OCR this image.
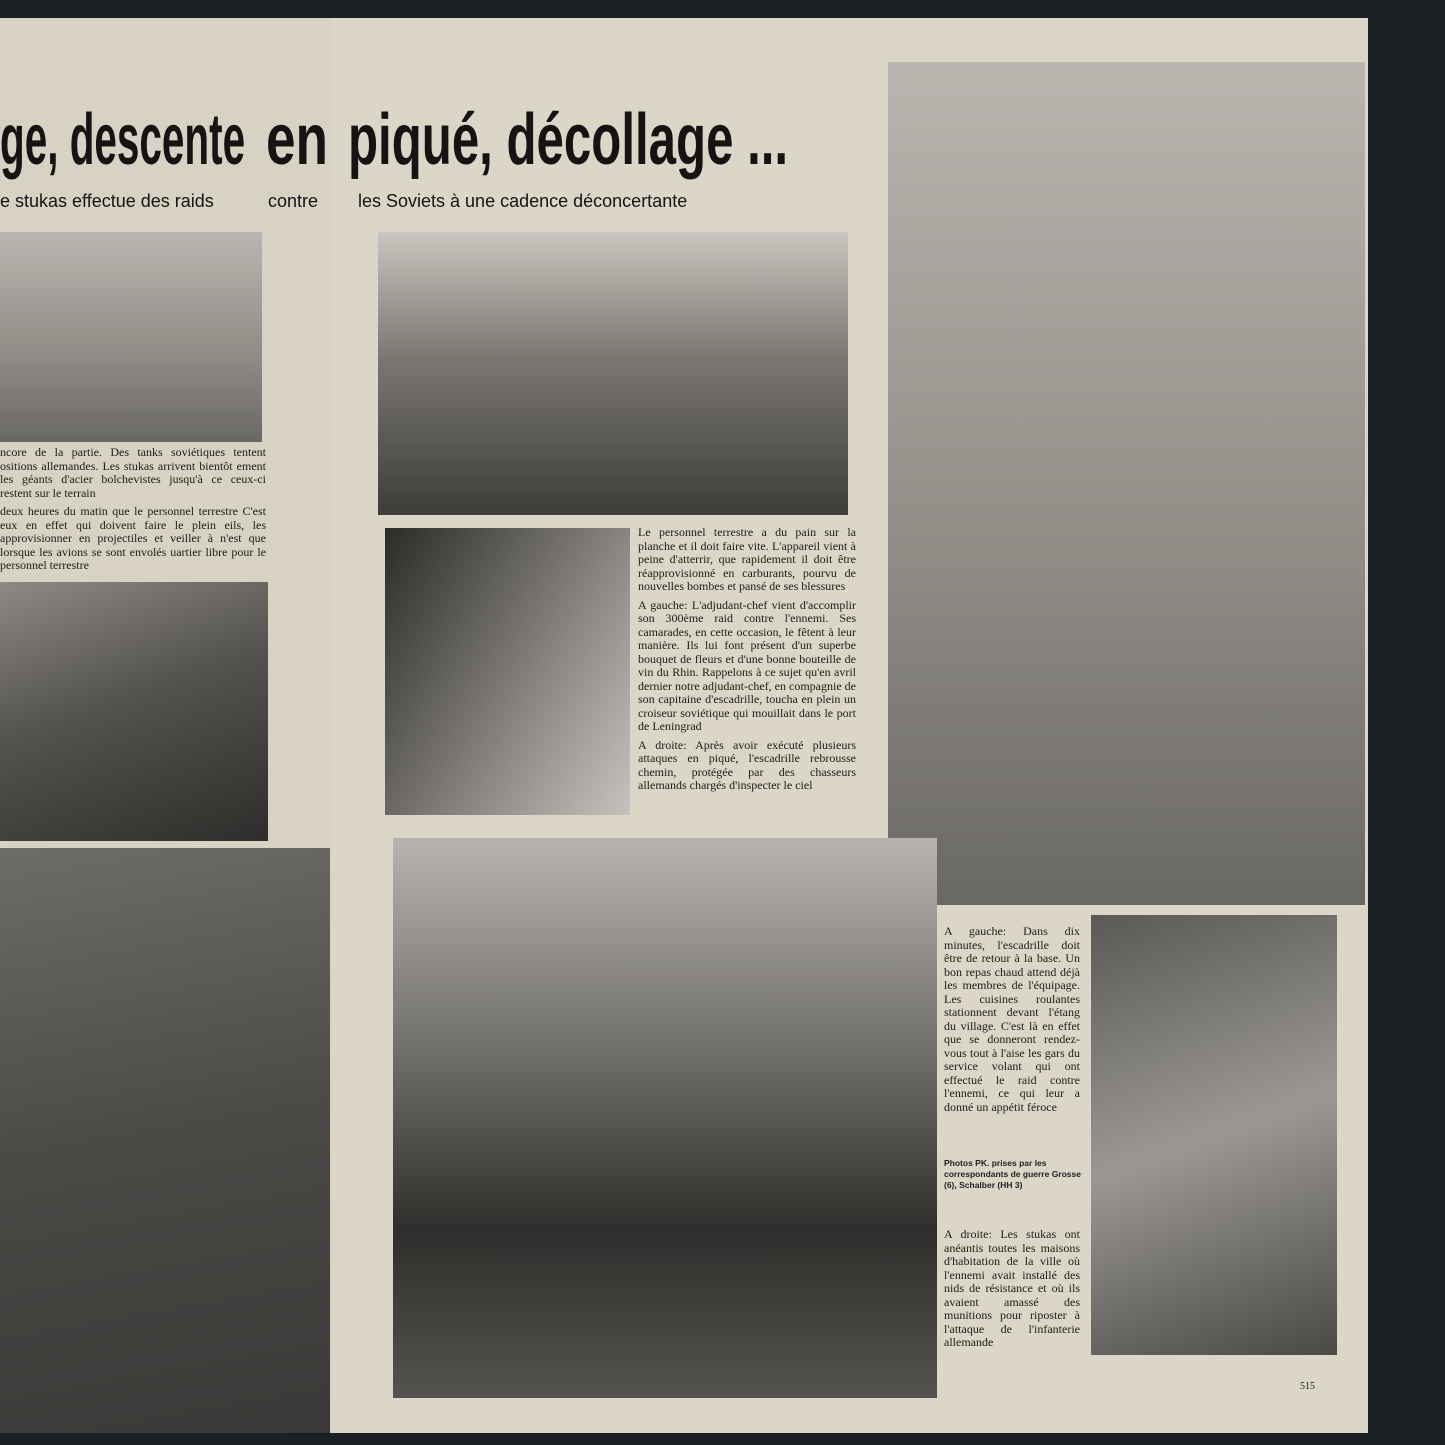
ge, descente en piqué, décollage ...
e stukas effectue des raids	contre les Soviets à une cadence déconcertante

ncore de la partie. Des tanks soviétiques tentent ositions allemandes. Les stukas arrivent bientôt ement les géants d'acier bolchevistes jusqu'à ce ceux-ci restent sur le terrain

deux heures du matin que le personnel terrestre C'est eux en effet qui doivent faire le plein eils, les approvisionner en projectiles et veiller à n'est que lorsque les avions se sont envolés uartier libre pour le personnel terrestre

Le personnel terrestre a du pain sur la planche et il doit faire vite. L'appareil vient à peine d'atterrir, que rapidement il doit être réapprovisionné en carburants, pourvu de nouvelles bombes et pansé de ses blessures

A gauche: L'adjudant-chef vient d'accomplir son 300ème raid contre l'ennemi. Ses camarades, en cette occasion, le fêtent à leur manière. Ils lui font présent d'un superbe bouquet de fleurs et d'une bonne bouteille de vin du Rhin. Rappelons à ce sujet qu'en avril dernier notre adjudant-chef, en compagnie de son capitaine d'escadrille, toucha en plein un croiseur soviétique qui mouillait dans le port de Leningrad

A droite: Après avoir exécuté plusieurs attaques en piqué, l'escadrille rebrousse chemin, protégée par des chasseurs allemands chargés d'inspecter le ciel

A gauche: Dans dix minutes, l'escadrille doit être de retour à la base. Un bon repas chaud attend déjà les membres de l'équipage. Les cuisines roulantes stationnent devant l'étang du village. C'est là en effet que se donneront rendez-vous tout à l'aise les gars du service volant qui ont effectué le raid contre l'ennemi, ce qui leur a donné un appétit féroce

Photos PK. prises par les correspondants de guerre Grosse (6), Schalber (HH 3)

A droite: Les stukas ont anéantis toutes les maisons d'habitation de la ville où l'ennemi avait installé des nids de résistance et où ils avaient amassé des munitions pour riposter à l'attaque de l'infanterie allemande

515
